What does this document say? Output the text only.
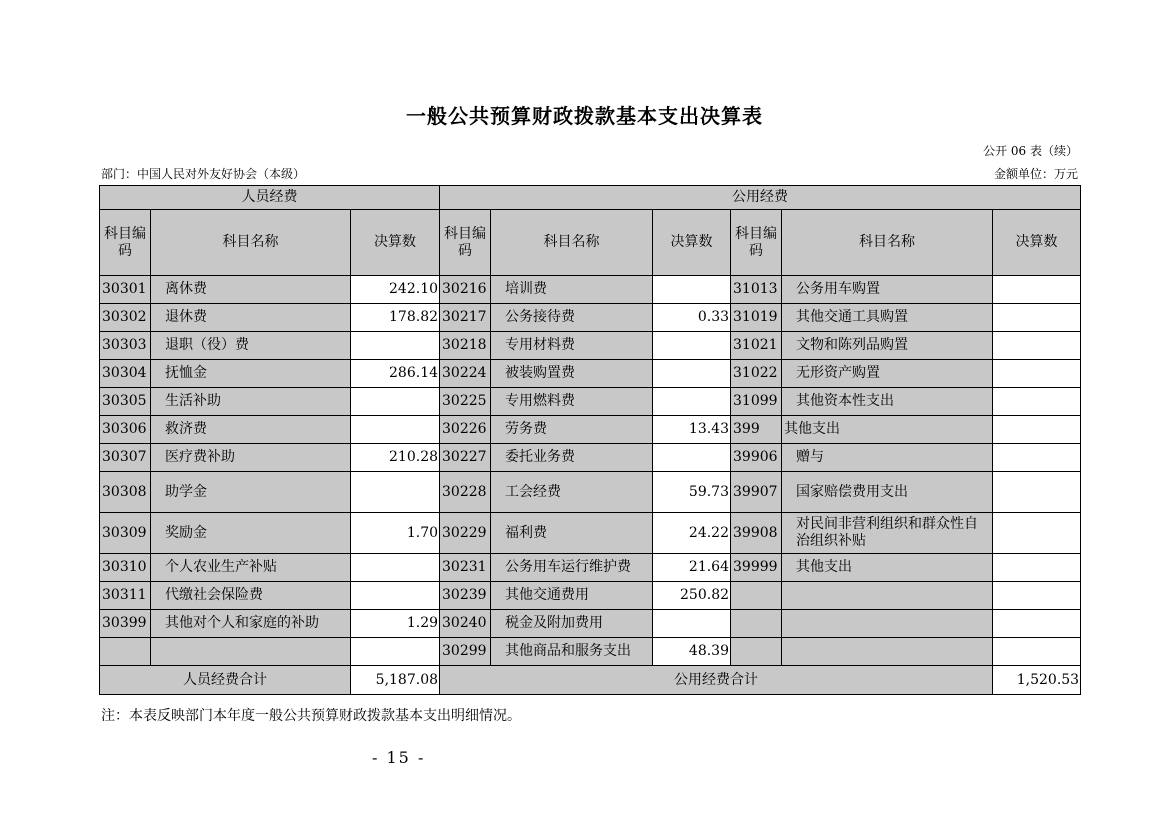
一般公共预算财政拨款基本支出决算表
公开 06 表（续）
部门：中国人民对外友好协会（本级）	金额单位：万元
人员经费			公用经费					
科目编码	科目名称	决算数	科目编码	科目名称	决算数	科目编码	科目名称	决算数
30301	离休费	242.10	30216	培训费		31013	公务用车购置	
30302	退休费	178.82	30217	公务接待费	0.33	31019	其他交通工具购置	
30303	退职（役）费		30218	专用材料费		31021	文物和陈列品购置	
30304	抚恤金	286.14	30224	被装购置费		31022	无形资产购置	
30305	生活补助		30225	专用燃料费		31099	其他资本性支出	
30306	救济费		30226	劳务费	13.43	399	其他支出	
30307	医疗费补助	210.28	30227	委托业务费		39906	赠与	
30308	助学金		30228	工会经费	59.73	39907	国家赔偿费用支出	
30309	奖励金	1.70	30229	福利费	24.22	39908	对民间非营利组织和群众性自治组织补贴	
30310	个人农业生产补贴		30231	公务用车运行维护费	21.64	39999	其他支出	
30311	代缴社会保险费		30239	其他交通费用	250.82			
30399	其他对个人和家庭的补助	1.29	30240	税金及附加费用				
			30299	其他商品和服务支出	48.39			
人员经费合计		5,187.08	公用经费合计					1,520.53
注：本表反映部门本年度一般公共预算财政拨款基本支出明细情况。
- 15 -
